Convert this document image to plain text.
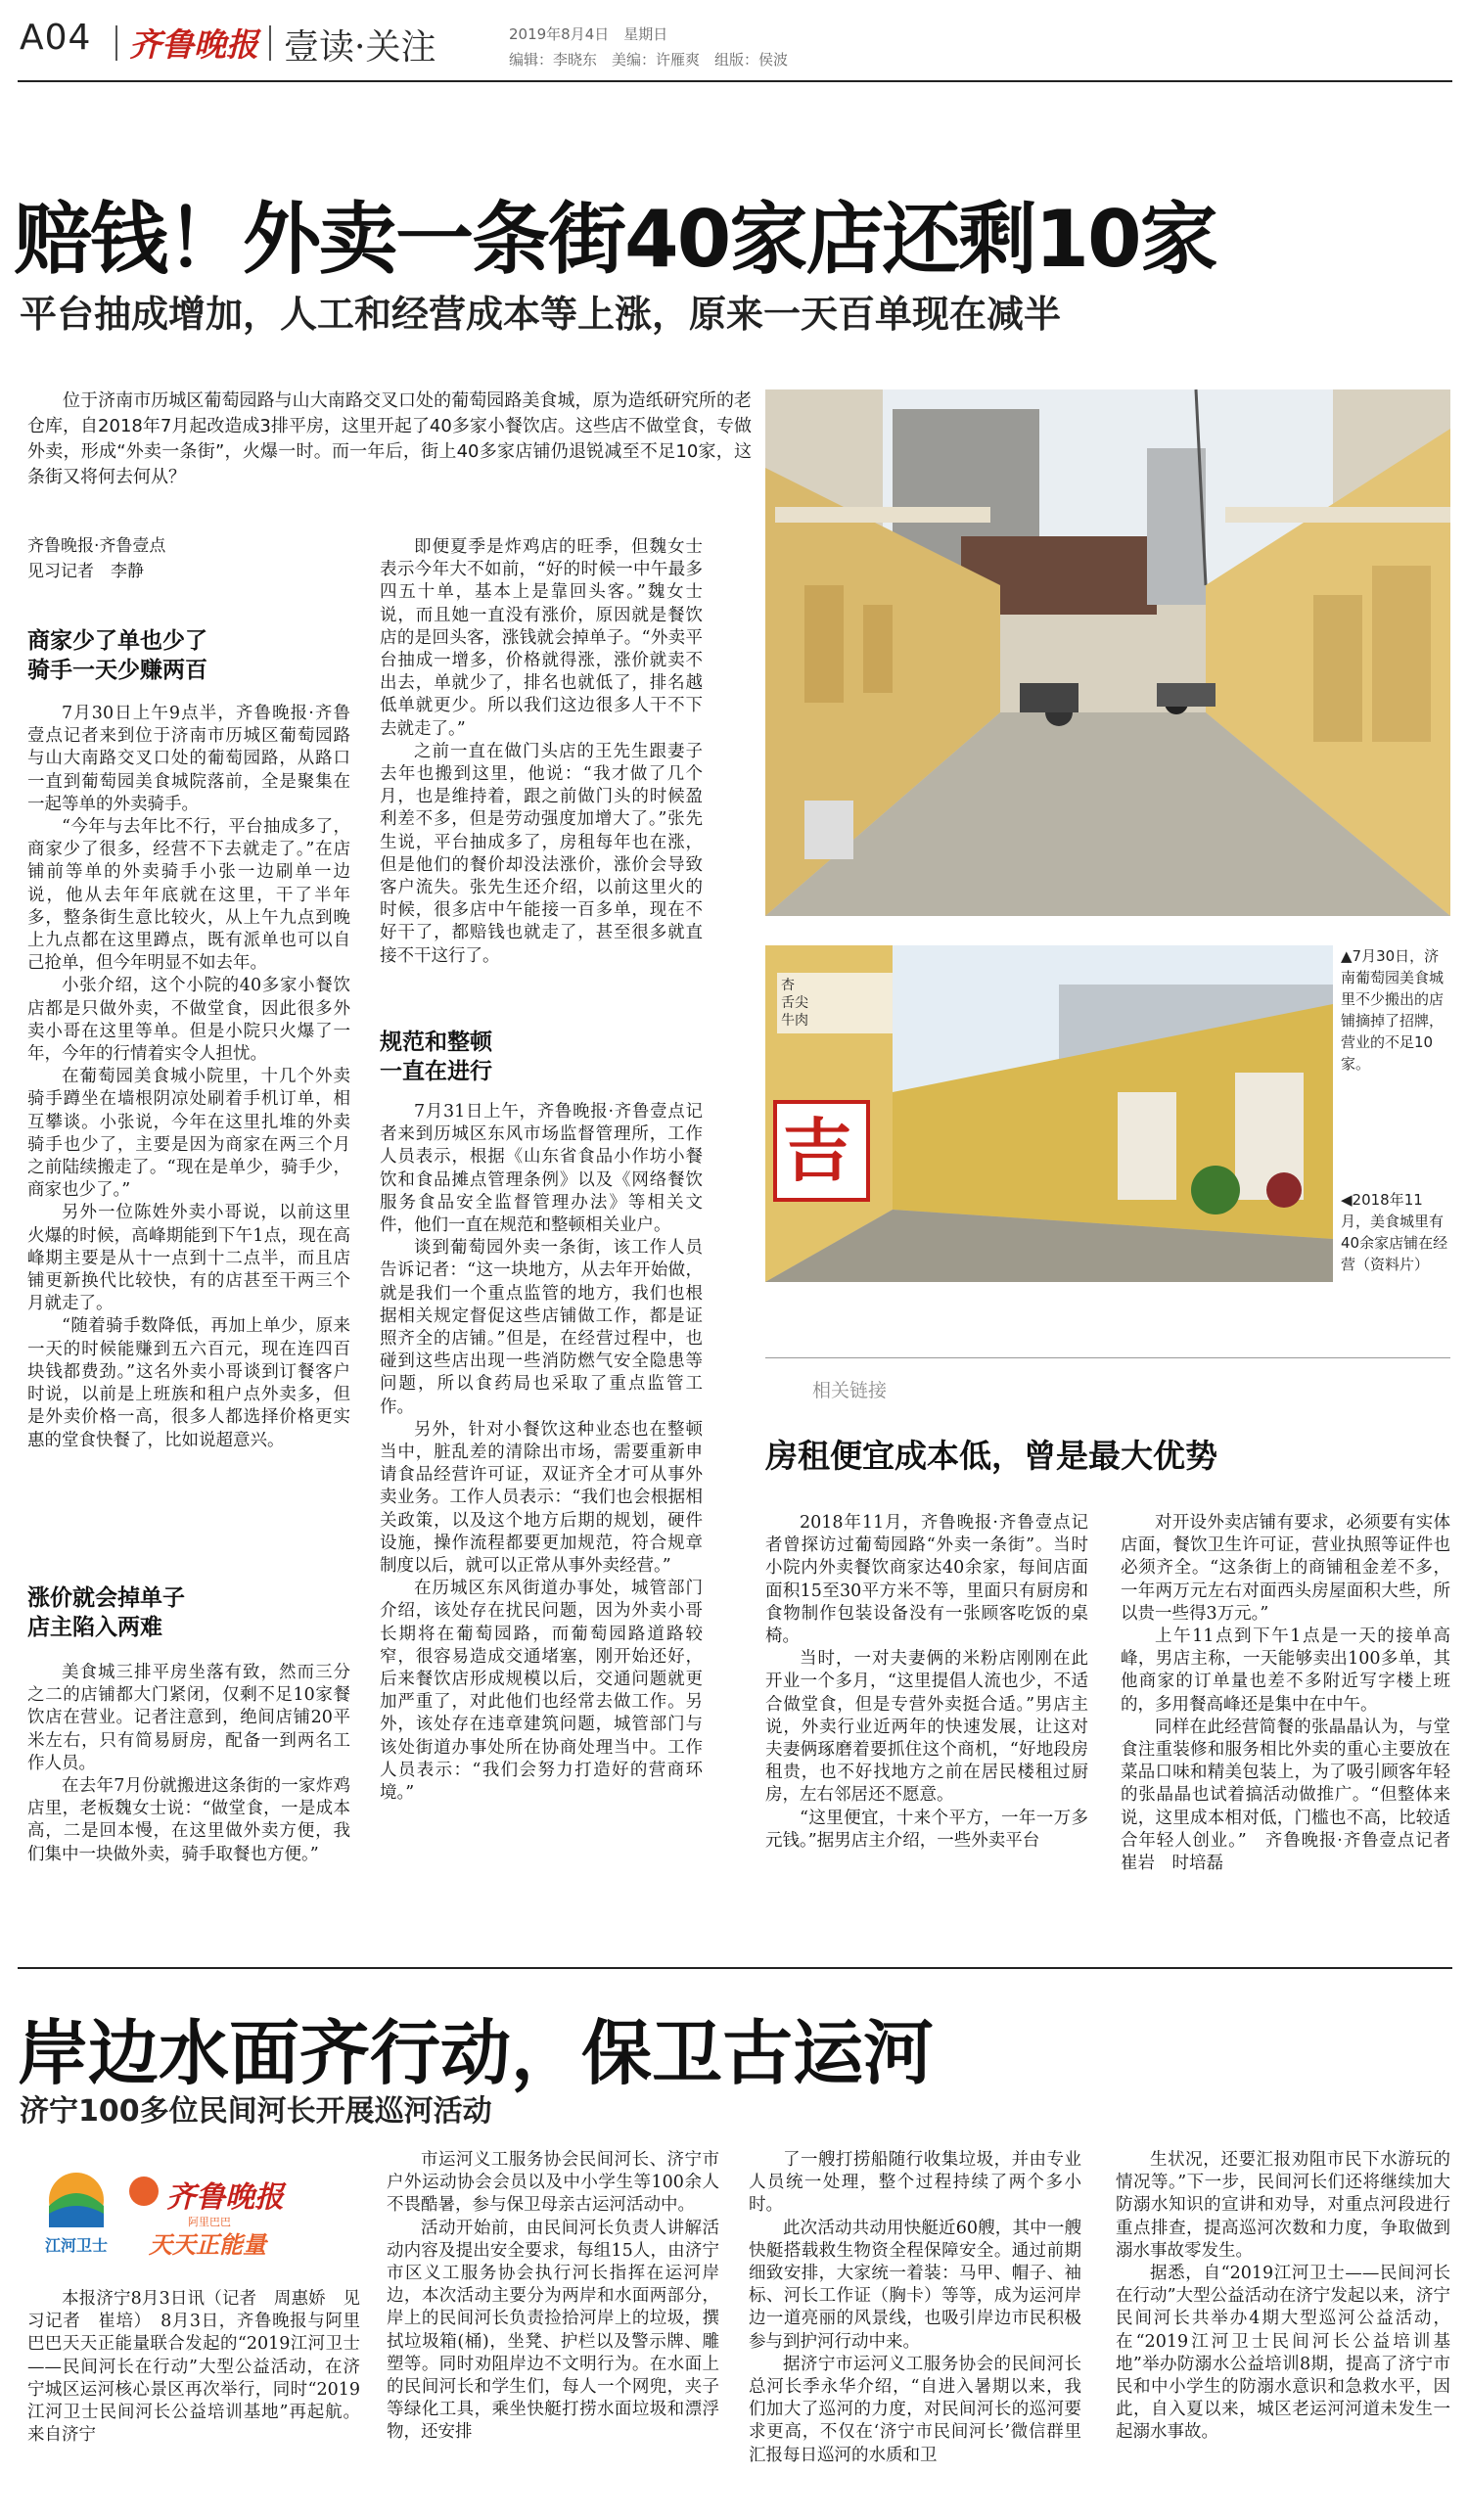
A04 齐鲁晚报 壹读·关注	2019年8月4日　星期日
编辑：李晓东　美编：许雁爽　组版：侯波
赔钱！外卖一条街40家店还剩10家
平台抽成增加，人工和经营成本等上涨，原来一天百单现在减半

位于济南市历城区葡萄园路与山大南路交叉口处的葡萄园路美食城，原为造纸研究所的老仓库，自2018年7月起改造成3排平房，这里开起了40多家小餐饮店。这些店不做堂食，专做外卖，形成“外卖一条街”，火爆一时。而一年后，街上40多家店铺仍退锐减至不足10家，这条街又将何去何从？

齐鲁晚报·齐鲁壹点
见习记者　李静
商家少了单也少了
骑手一天少赚两百

7月30日上午9点半，齐鲁晚报·齐鲁壹点记者来到位于济南市历城区葡萄园路与山大南路交叉口处的葡萄园路，从路口一直到葡萄园美食城院落前，全是聚集在一起等单的外卖骑手。

“今年与去年比不行，平台抽成多了，商家少了很多，经营不下去就走了。”在店铺前等单的外卖骑手小张一边刷单一边说，他从去年年底就在这里，干了半年多，整条街生意比较火，从上午九点到晚上九点都在这里蹲点，既有派单也可以自己抢单，但今年明显不如去年。

小张介绍，这个小院的40多家小餐饮店都是只做外卖，不做堂食，因此很多外卖小哥在这里等单。但是小院只火爆了一年，今年的行情着实令人担忧。

在葡萄园美食城小院里，十几个外卖骑手蹲坐在墙根阴凉处刷着手机订单，相互攀谈。小张说，今年在这里扎堆的外卖骑手也少了，主要是因为商家在两三个月之前陆续搬走了。“现在是单少，骑手少，商家也少了。”

另外一位陈姓外卖小哥说，以前这里火爆的时候，高峰期能到下午1点，现在高峰期主要是从十一点到十二点半，而且店铺更新换代比较快，有的店甚至干两三个月就走了。

“随着骑手数降低，再加上单少，原来一天的时候能赚到五六百元，现在连四百块钱都费劲。”这名外卖小哥谈到订餐客户时说，以前是上班族和租户点外卖多，但是外卖价格一高，很多人都选择价格更实惠的堂食快餐了，比如说超意兴。

涨价就会掉单子
店主陷入两难

美食城三排平房坐落有致，然而三分之二的店铺都大门紧闭，仅剩不足10家餐饮店在营业。记者注意到，绝间店铺20平米左右，只有简易厨房，配备一到两名工作人员。

在去年7月份就搬进这条街的一家炸鸡店里，老板魏女士说：“做堂食，一是成本高，二是回本慢，在这里做外卖方便，我们集中一块做外卖，骑手取餐也方便。”

即便夏季是炸鸡店的旺季，但魏女士表示今年大不如前，“好的时候一中午最多四五十单，基本上是靠回头客。”魏女士说，而且她一直没有涨价，原因就是餐饮店的是回头客，涨钱就会掉单子。“外卖平台抽成一增多，价格就得涨，涨价就卖不出去，单就少了，排名也就低了，排名越低单就更少。所以我们这边很多人干不下去就走了。”

之前一直在做门头店的王先生跟妻子去年也搬到这里，他说：“我才做了几个月，也是维持着，跟之前做门头的时候盈利差不多，但是劳动强度加增大了。”张先生说，平台抽成多了，房租每年也在涨，但是他们的餐价却没法涨价，涨价会导致客户流失。张先生还介绍，以前这里火的时候，很多店中午能接一百多单，现在不好干了，都赔钱也就走了，甚至很多就直接不干这行了。

规范和整顿
一直在进行

7月31日上午，齐鲁晚报·齐鲁壹点记者来到历城区东风市场监督管理所，工作人员表示，根据《山东省食品小作坊小餐饮和食品摊点管理条例》以及《网络餐饮服务食品安全监督管理办法》等相关文件，他们一直在规范和整顿相关业户。

谈到葡萄园外卖一条街，该工作人员告诉记者：“这一块地方，从去年开始做，就是我们一个重点监管的地方，我们也根据相关规定督促这些店铺做工作，都是证照齐全的店铺。”但是，在经营过程中，也碰到这些店出现一些消防燃气安全隐患等问题，所以食药局也采取了重点监管工作。

另外，针对小餐饮这种业态也在整顿当中，脏乱差的清除出市场，需要重新申请食品经营许可证，双证齐全才可从事外卖业务。工作人员表示：“我们也会根据相关政策，以及这个地方后期的规划，硬件设施，操作流程都要更加规范，符合规章制度以后，就可以正常从事外卖经营。”

在历城区东风街道办事处，城管部门介绍，该处存在扰民问题，因为外卖小哥长期将在葡萄园路，而葡萄园路道路较窄，很容易造成交通堵塞，刚开始还好，后来餐饮店形成规模以后，交通问题就更加严重了，对此他们也经常去做工作。另外，该处存在违章建筑问题，城管部门与该处街道办事处所在协商处理当中。工作人员表示：“我们会努力打造好的营商环境。”

吉
杏
舌尖
牛肉
▲7月30日，济南葡萄园美食城里不少搬出的店铺摘掉了招牌，营业的不足10家。
◀2018年11月，美食城里有40余家店铺在经营（资料片）
相关链接
房租便宜成本低，曾是最大优势

2018年11月，齐鲁晚报·齐鲁壹点记者曾探访过葡萄园路“外卖一条街”。当时小院内外卖餐饮商家达40余家，每间店面面积15至30平方米不等，里面只有厨房和食物制作包装设备没有一张顾客吃饭的桌椅。

当时，一对夫妻俩的米粉店刚刚在此开业一个多月，“这里提倡人流也少，不适合做堂食，但是专营外卖挺合适。”男店主说，外卖行业近两年的快速发展，让这对夫妻俩琢磨着要抓住这个商机，“好地段房租贵，也不好找地方之前在居民楼租过厨房，左右邻居还不愿意。

“这里便宜，十来个平方，一年一万多元钱。”据男店主介绍，一些外卖平台

对开设外卖店铺有要求，必须要有实体店面，餐饮卫生许可证，营业执照等证件也必须齐全。“这条街上的商铺租金差不多，一年两万元左右对面西头房屋面积大些，所以贵一些得3万元。”

上午11点到下午1点是一天的接单高峰，男店主称，一天能够卖出100多单，其他商家的订单量也差不多附近写字楼上班的，多用餐高峰还是集中在中午。

同样在此经营简餐的张晶晶认为，与堂食注重装修和服务相比外卖的重心主要放在菜品口味和精美包装上，为了吸引顾客年轻的张晶晶也试着搞活动做推广。“但整体来说，这里成本相对低，门槛也不高，比较适合年轻人创业。”　齐鲁晚报·齐鲁壹点记者　崔岩　时培磊

岸边水面齐行动，保卫古运河
济宁100多位民间河长开展巡河活动
江河卫士
齐鲁晚报
阿里巴巴
天天正能量

本报济宁8月3日讯（记者　周惠娇　见习记者　崔培）　8月3日，齐鲁晚报与阿里巴巴天天正能量联合发起的“2019江河卫士——民间河长在行动”大型公益活动，在济宁城区运河核心景区再次举行，同时“2019江河卫士民间河长公益培训基地”再起航。来自济宁

市运河义工服务协会民间河长、济宁市户外运动协会会员以及中小学生等100余人不畏酷暑，参与保卫母亲古运河活动中。

活动开始前，由民间河长负责人讲解活动内容及提出安全要求，每组15人，由济宁市区义工服务协会执行河长指挥在运河岸边，本次活动主要分为两岸和水面两部分，岸上的民间河长负责捡拾河岸上的垃圾，撰拭垃圾箱(桶)，坐凳、护栏以及警示牌、雕塑等。同时劝阻岸边不文明行为。在水面上的民间河长和学生们，每人一个网兜，夹子等绿化工具，乘坐快艇打捞水面垃圾和漂浮物，还安排

了一艘打捞船随行收集垃圾，并由专业人员统一处理，整个过程持续了两个多小时。

此次活动共动用快艇近60艘，其中一艘快艇搭载救生物资全程保障安全。通过前期细致安排，大家统一着装：马甲、帽子、袖标、河长工作证（胸卡）等等，成为运河岸边一道亮丽的风景线，也吸引岸边市民积极参与到护河行动中来。

据济宁市运河义工服务协会的民间河长总河长季永华介绍，“自进入暑期以来，我们加大了巡河的力度，对民间河长的巡河要求更高，不仅在‘济宁市民间河长’微信群里汇报每日巡河的水质和卫

生状况，还要汇报劝阻市民下水游玩的情况等。”下一步，民间河长们还将继续加大防溺水知识的宣讲和劝导，对重点河段进行重点排查，提高巡河次数和力度，争取做到溺水事故零发生。

据悉，自“2019江河卫士——民间河长在行动”大型公益活动在济宁发起以来，济宁民间河长共举办4期大型巡河公益活动，在“2019江河卫士民间河长公益培训基地”举办防溺水公益培训8期，提高了济宁市民和中小学生的防溺水意识和急救水平，因此，自入夏以来，城区老运河河道未发生一起溺水事故。
